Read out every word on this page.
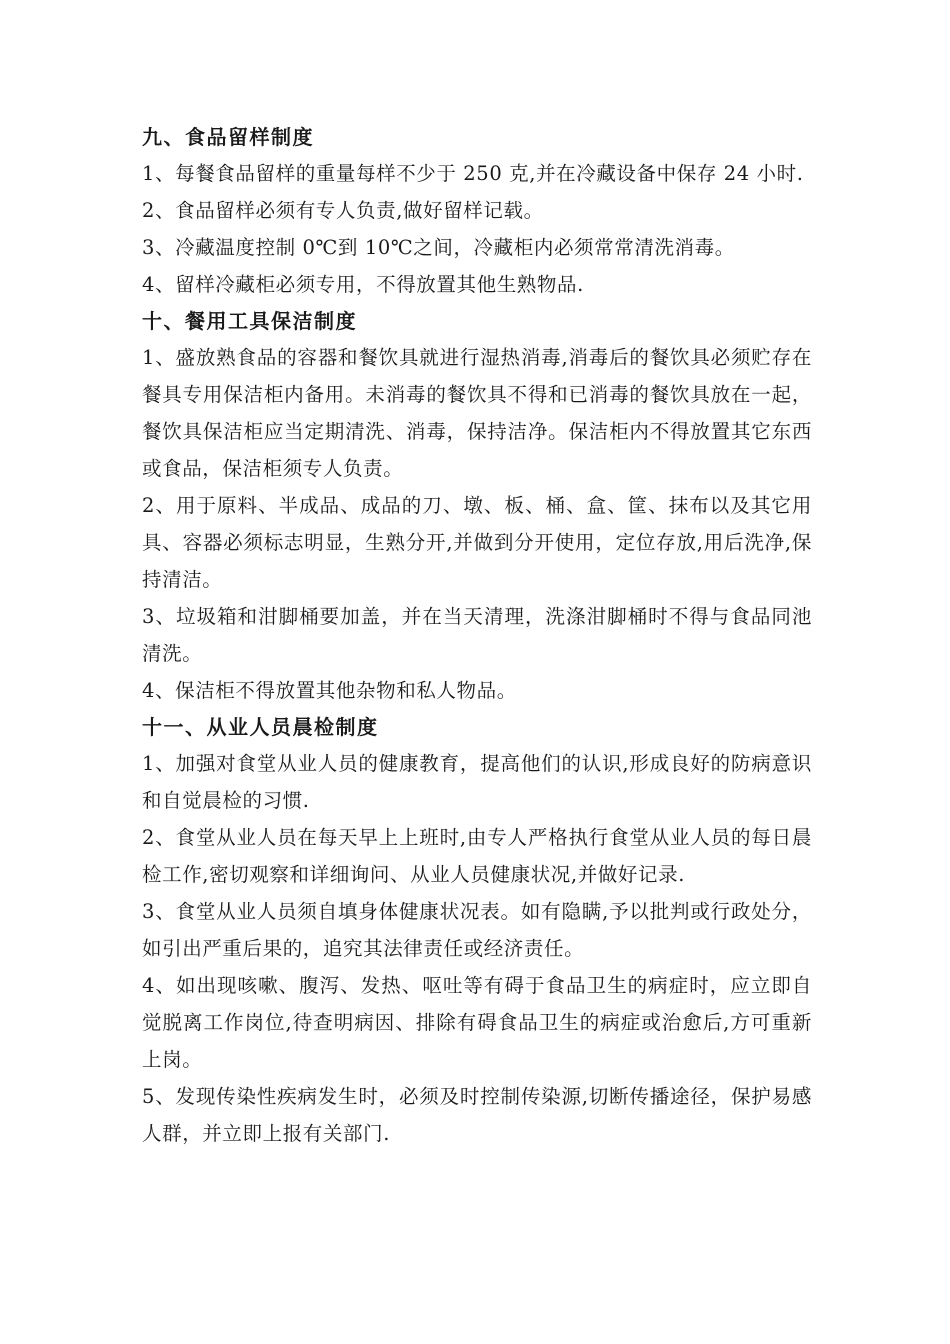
九、食品留样制度

1、每餐食品留样的重量每样不少于 250 克,并在冷藏设备中保存 24 小时.

2、食品留样必须有专人负责,做好留样记载。

3、冷藏温度控制 0℃到 10℃之间，冷藏柜内必须常常清洗消毒。

4、留样冷藏柜必须专用，不得放置其他生熟物品.

十、餐用工具保洁制度

1、盛放熟食品的容器和餐饮具就进行湿热消毒,消毒后的餐饮具必须贮存在餐具专用保洁柜内备用。未消毒的餐饮具不得和已消毒的餐饮具放在一起，餐饮具保洁柜应当定期清洗、消毒，保持洁净。保洁柜内不得放置其它东西或食品，保洁柜须专人负责。

2、用于原料、半成品、成品的刀、墩、板、桶、盒、筐、抹布以及其它用具、容器必须标志明显，生熟分开,并做到分开使用，定位存放,用后洗净,保持清洁。

3、垃圾箱和泔脚桶要加盖，并在当天清理，洗涤泔脚桶时不得与食品同池清洗。

4、保洁柜不得放置其他杂物和私人物品。

十一、从业人员晨检制度

1、加强对食堂从业人员的健康教育，提高他们的认识,形成良好的防病意识和自觉晨检的习惯.

2、食堂从业人员在每天早上上班时,由专人严格执行食堂从业人员的每日晨检工作,密切观察和详细询问、从业人员健康状况,并做好记录.

3、食堂从业人员须自填身体健康状况表。如有隐瞒,予以批判或行政处分，如引出严重后果的，追究其法律责任或经济责任。

4、如出现咳嗽、腹泻、发热、呕吐等有碍于食品卫生的病症时，应立即自觉脱离工作岗位,待查明病因、排除有碍食品卫生的病症或治愈后,方可重新上岗。

5、发现传染性疾病发生时，必须及时控制传染源,切断传播途径，保护易感人群，并立即上报有关部门.
